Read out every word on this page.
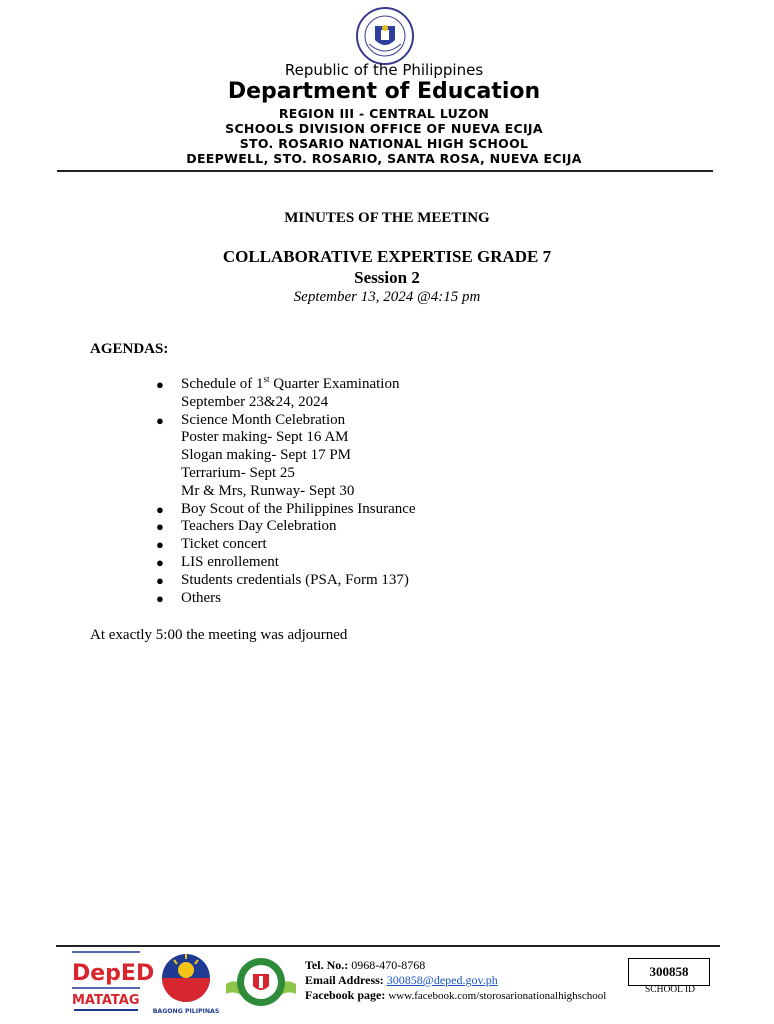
Republic of the Philippines
Department of Education
REGION III - CENTRAL LUZON
SCHOOLS DIVISION OFFICE OF NUEVA ECIJA
STO. ROSARIO NATIONAL HIGH SCHOOL
DEEPWELL, STO. ROSARIO, SANTA ROSA, NUEVA ECIJA
MINUTES OF THE MEETING
COLLABORATIVE EXPERTISE GRADE 7
Session 2
September 13, 2024 @4:15 pm
AGENDAS:
● Schedule of 1st Quarter Examination
September 23&24, 2024
● Science Month Celebration
Poster making- Sept 16 AM
Slogan making- Sept 17 PM
Terrarium- Sept 25
Mr & Mrs, Runway- Sept 30
● Boy Scout of the Philippines Insurance
● Teachers Day Celebration
● Ticket concert
● LIS enrollement
● Students credentials (PSA, Form 137)
● Others
At exactly 5:00 the meeting was adjourned
DepED
MATATAG
BAGONG PILIPINAS
Tel. No.: 0968-470-8768
Email Address: 300858@deped.gov.ph
Facebook page: www.facebook.com/storosarionationalhighschool
300858
SCHOOL ID
